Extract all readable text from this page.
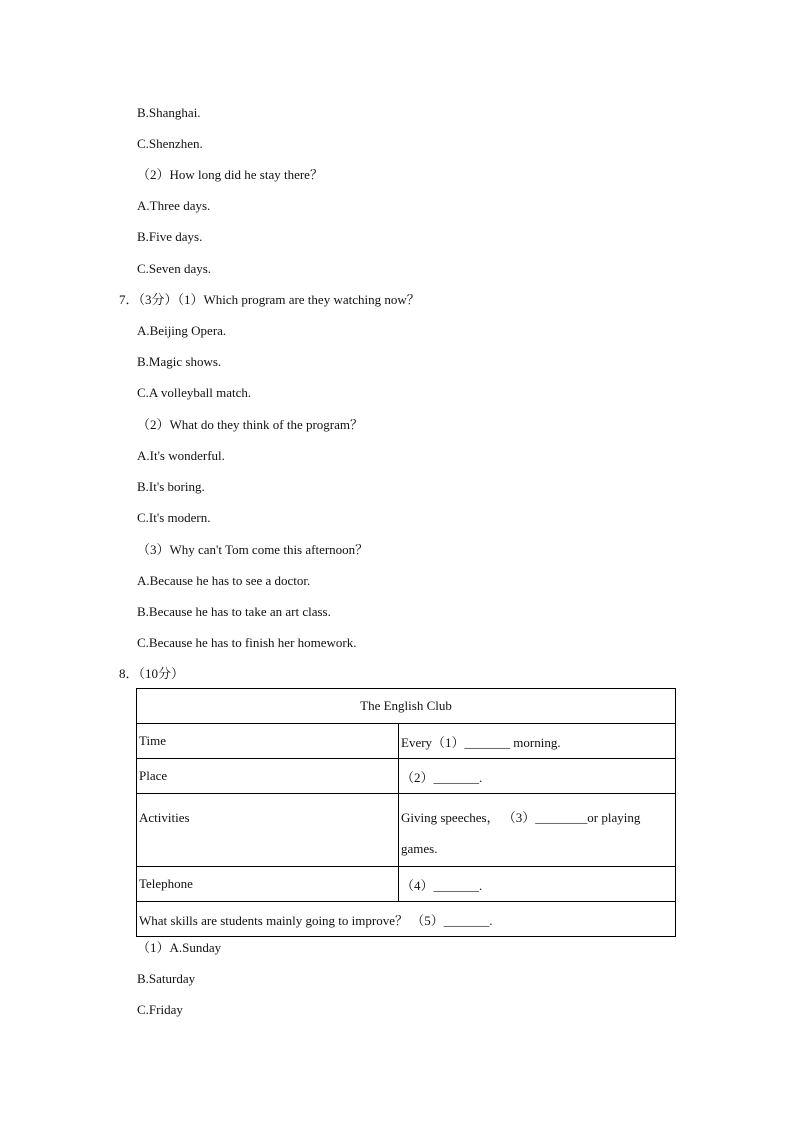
B.Shanghai.
C.Shenzhen.
（2）How long did he stay there？
A.Three days.
B.Five days.
C.Seven days.
7．（3分）（1）Which program are they watching now？
A.Beijing Opera.
B.Magic shows.
C.A volleyball match.
（2）What do they think of the program？
A.It's wonderful.
B.It's boring.
C.It's modern.
（3）Why can't Tom come this afternoon？
A.Because he has to see a doctor.
B.Because he has to take an art class.
C.Because he has to finish her homework.
8．（10分）
The English Club	
Time	Every（1）_______ morning.
Place	（2）_______.
Activities	Giving speeches， （3）________or playing games.
Telephone	（4）_______.
What skills are students mainly going to improve？ （5）_______.	
（1）A.Sunday
B.Saturday
C.Friday
